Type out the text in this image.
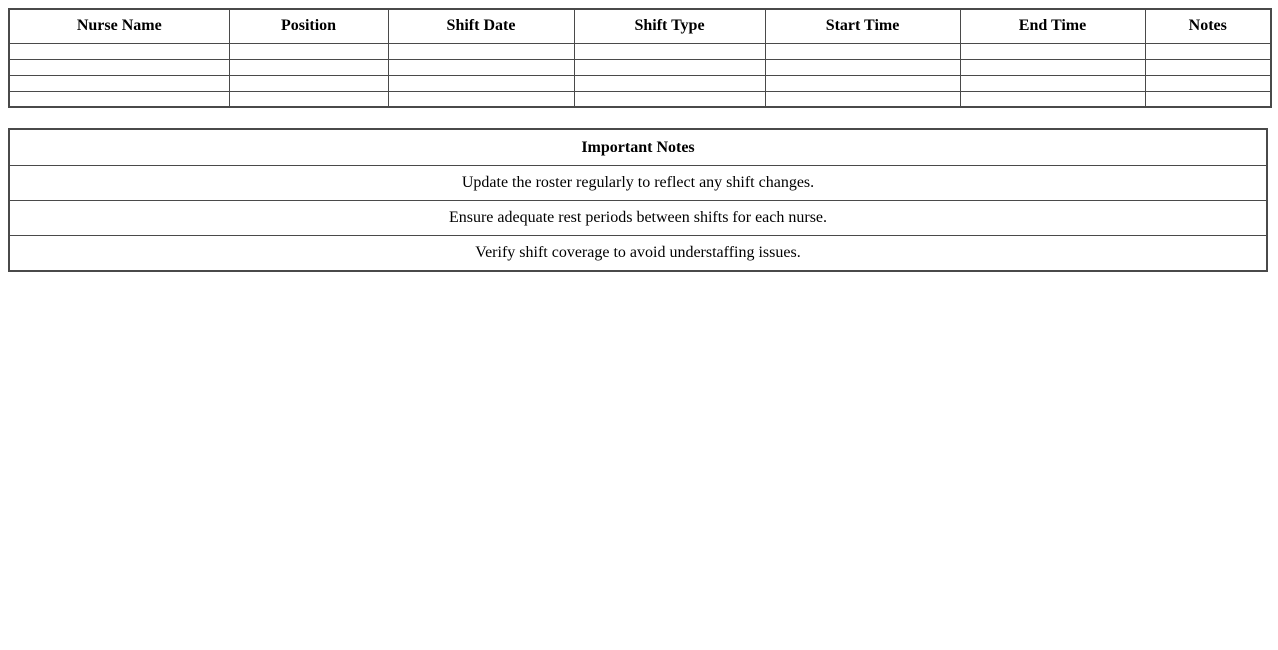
Nurse Name	Position	Shift Date	Shift Type	Start Time	End Time	Notes

Important Notes
Update the roster regularly to reflect any shift changes.
Ensure adequate rest periods between shifts for each nurse.
Verify shift coverage to avoid understaffing issues.
